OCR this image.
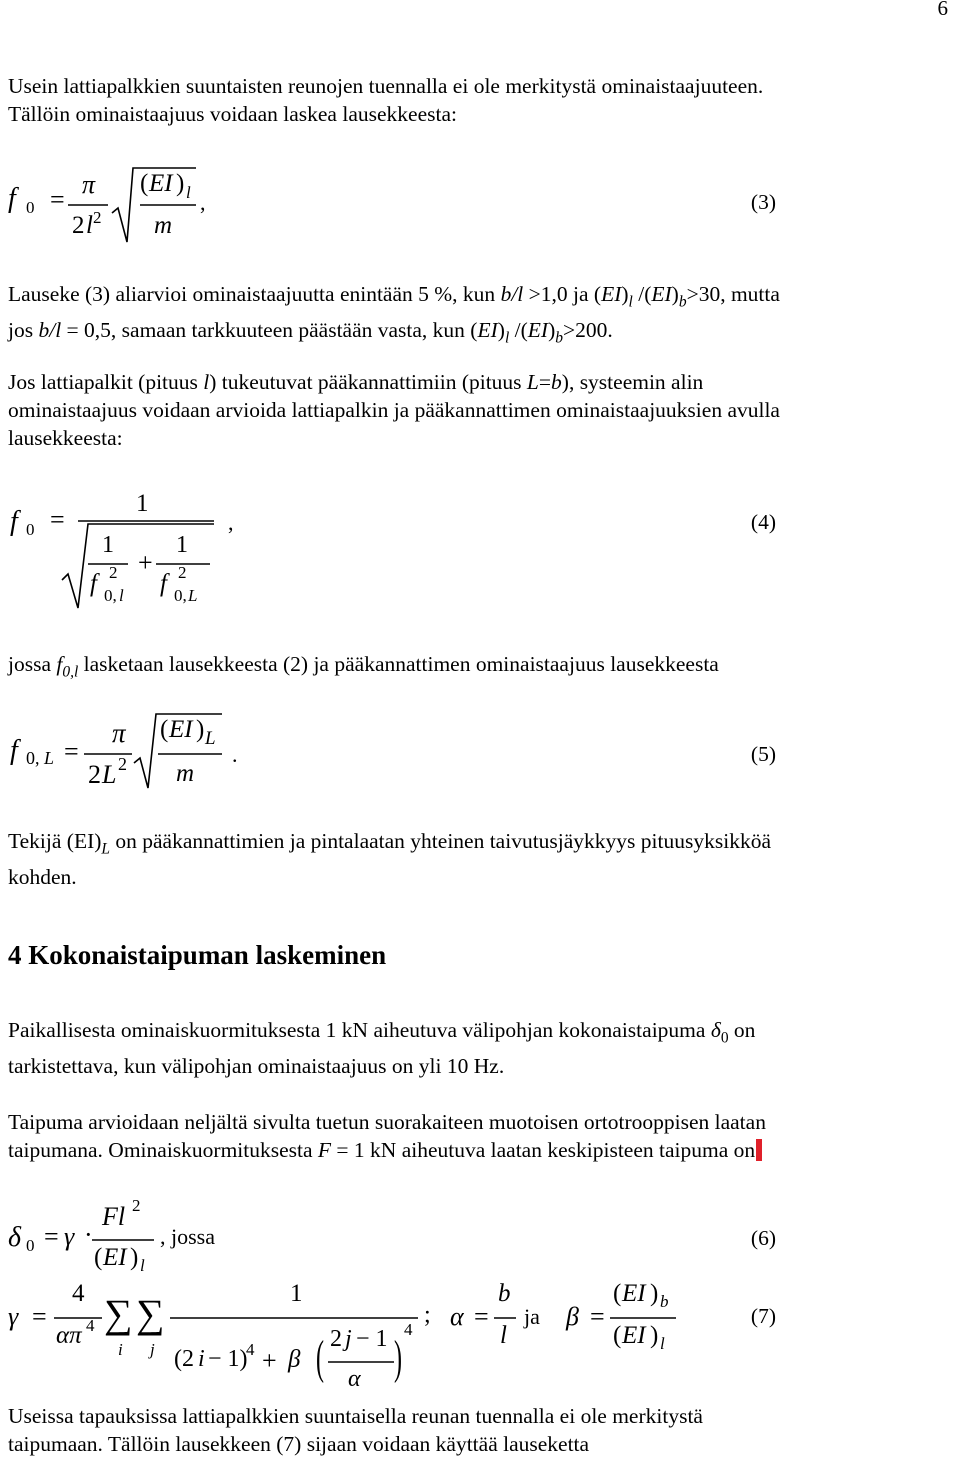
6

Usein lattiapalkkien suuntaisten reunojen tuennalla ei ole merkitystä ominaistaajuuteen.
Tällöin ominaistaajuus voidaan laskea lausekkeesta:

f 0 =
π
2 l 2
( EI ) l
m
,	(3)

Lauseke (3) aliarvioi ominaistaajuutta enintään 5 %, kun b/l >1,0 ja $(EI)_l$ $/(EI)_b>30$, mutta
jos b/l = 0,5, samaan tarkkuuteen päästään vasta, kun $(EI)_l$ $/(EI)_b>200$.

Jos lattiapalkit (pituus l) tukeutuvat pääkannattimiin (pituus L=b), systeemin alin
ominaistaajuus voidaan arvioida lattiapalkin ja pääkannattimen ominaistaajuuksien avulla
lausekkeesta:

f 0 =
1
1
+
1
f 2
0, l f 2
0, L
,	(4)

jossa $f_{0,l}$ lasketaan lausekkeesta (2) ja pääkannattimen ominaistaajuus lausekkeesta

f 0, L =
π
2 L 2
( EI ) L
m
.	(5)

Tekijä $(EI)_L$ on pääkannattimien ja pintalaatan yhteinen taivutusjäykkyys pituusyksikköä
kohden.

4 Kokonaistaipuman laskeminen

Paikallisesta ominaiskuormituksesta 1 kN aiheutuva välipohjan kokonaistaipuma $\delta_0$ on
tarkistettava, kun välipohjan ominaistaajuus on yli 10 Hz.

Taipuma arvioidaan neljältä sivulta tuetun suorakaiteen muotoisen ortotrooppisen laatan
taipumana. Ominaiskuormituksesta F = 1 kN aiheutuva laatan keskipisteen taipuma on

δ 0 = γ ·
Fl 2
( EI ) l
, jossa	(6)
γ =
4
απ 4 ∑ ∑
i j
1
(2 i − 1)
4 + β ( 2 j − 1
α )
4
; α =
b
l
ja β =
( EI ) b
( EI ) l
(7)

Useissa tapauksissa lattiapalkkien suuntaisella reunan tuennalla ei ole merkitystä
taipumaan. Tällöin lausekkeen (7) sijaan voidaan käyttää lauseketta
